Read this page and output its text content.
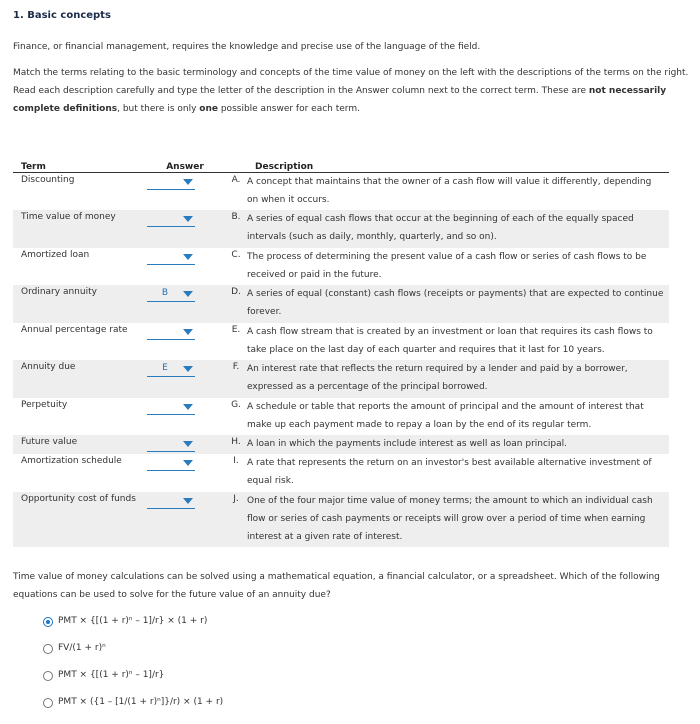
1. Basic concepts
Finance, or financial management, requires the knowledge and precise use of the language of the field.
Match the terms relating to the basic terminology and concepts of the time value of money on the left with the descriptions of the terms on the right. Read each description carefully and type the letter of the description in the Answer column next to the correct term. These are not necessarily complete definitions, but there is only one possible answer for each term.
Term	Answer		Description
Discounting		A.	A concept that maintains that the owner of a cash flow will value it differently, depending on when it occurs.
Time value of money		B.	A series of equal cash flows that occur at the beginning of each of the equally spaced intervals (such as daily, monthly, quarterly, and so on).
Amortized loan		C.	The process of determining the present value of a cash flow or series of cash flows to be received or paid in the future.
Ordinary annuity	B	D.	A series of equal (constant) cash flows (receipts or payments) that are expected to continue forever.
Annual percentage rate		E.	A cash flow stream that is created by an investment or loan that requires its cash flows to take place on the last day of each quarter and requires that it last for 10 years.
Annuity due	E	F.	An interest rate that reflects the return required by a lender and paid by a borrower, expressed as a percentage of the principal borrowed.
Perpetuity		G.	A schedule or table that reports the amount of principal and the amount of interest that make up each payment made to repay a loan by the end of its regular term.
Future value		H.	A loan in which the payments include interest as well as loan principal.
Amortization schedule		I.	A rate that represents the return on an investor's best available alternative investment of equal risk.
Opportunity cost of funds		J.	One of the four major time value of money terms; the amount to which an individual cash flow or series of cash payments or receipts will grow over a period of time when earning interest at a given rate of interest.
Time value of money calculations can be solved using a mathematical equation, a financial calculator, or a spreadsheet. Which of the following equations can be used to solve for the future value of an annuity due?
PMT × {[(1 + r)ⁿ – 1]/r} × (1 + r)
FV/(1 + r)ⁿ
PMT × {[(1 + r)ⁿ – 1]/r}
PMT × ({1 – [1/(1 + r)ⁿ]}/r) × (1 + r)
